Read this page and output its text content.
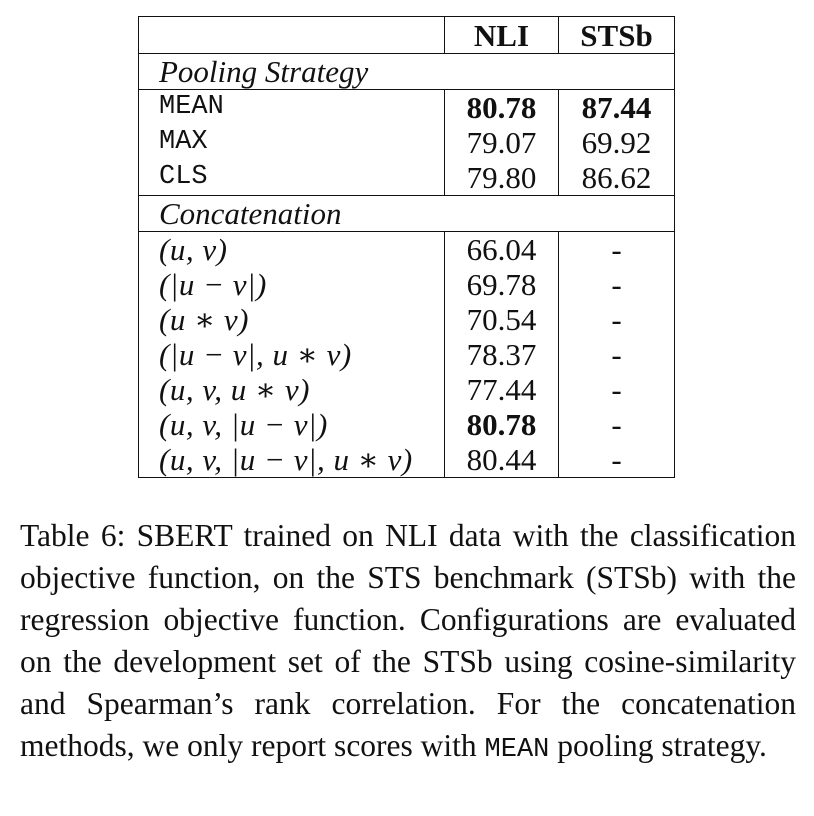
	NLI	STSb
Pooling Strategy		
MEAN	80.78	87.44
MAX	79.07	69.92
CLS	79.80	86.62
Concatenation		
(u, v)	66.04	-
(|u − v|)	69.78	-
(u ∗ v)	70.54	-
(|u − v|, u ∗ v)	78.37	-
(u, v, u ∗ v)	77.44	-
(u, v, |u − v|)	80.78	-
(u, v, |u − v|, u ∗ v)	80.44	-

Table 6: SBERT trained on NLI data with the classification objective function, on the STS benchmark (STSb) with the regression objective function. Configurations are evaluated on the development set of the STSb using cosine-similarity and Spearman’s rank correlation. For the concatenation methods, we only report scores with MEAN pooling strategy.
